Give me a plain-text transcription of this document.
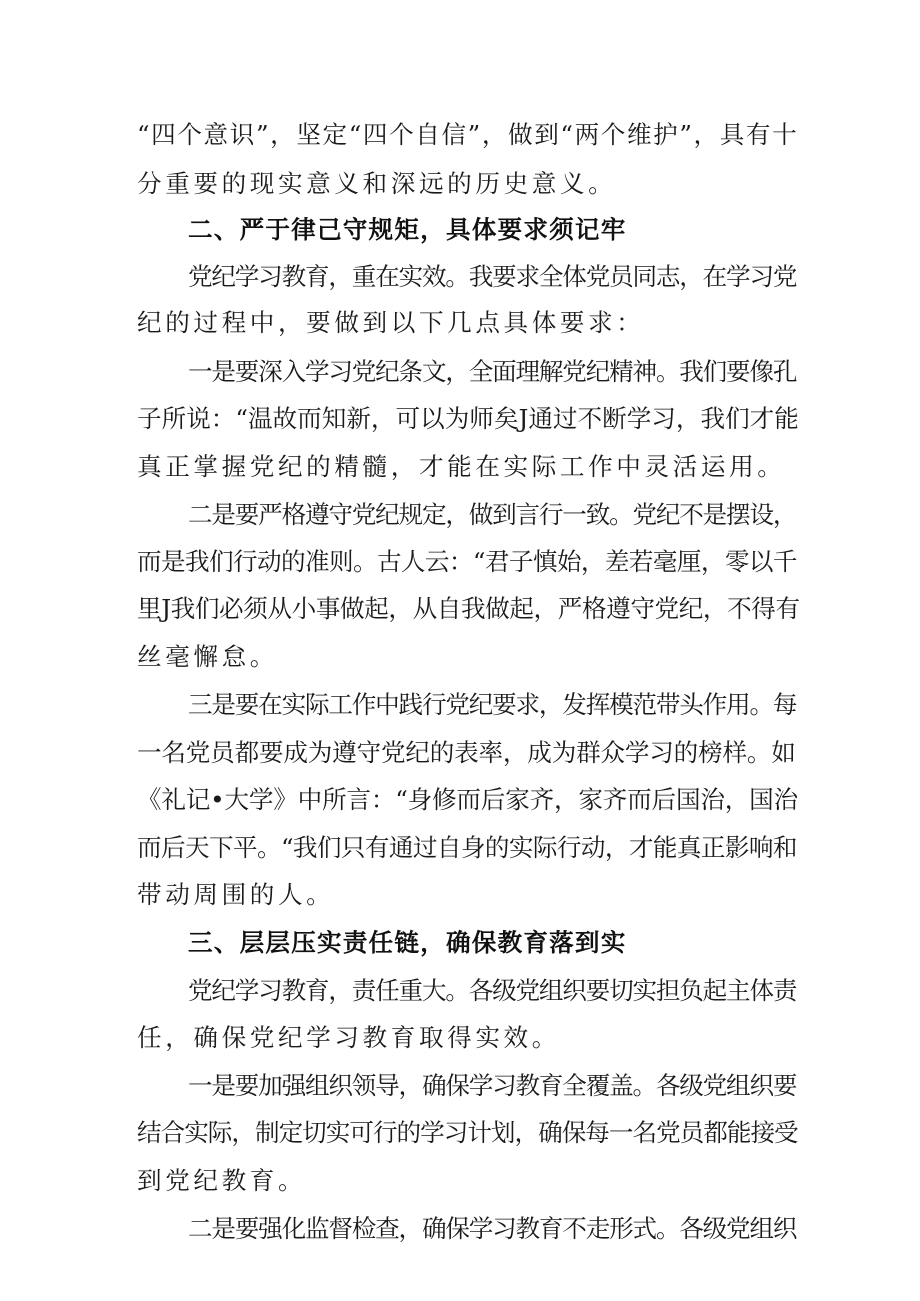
“四个意识”，坚定“四个自信”，做到“两个维护”，具有十

分重要的现实意义和深远的历史意义。

二、严于律己守规矩，具体要求须记牢

党纪学习教育，重在实效。我要求全体党员同志，在学习党

纪的过程中，要做到以下几点具体要求：

一是要深入学习党纪条文，全面理解党纪精神。我们要像孔

子所说：“温故而知新，可以为师矣J通过不断学习，我们才能

真正掌握党纪的精髓，才能在实际工作中灵活运用。

二是要严格遵守党纪规定，做到言行一致。党纪不是摆设，

而是我们行动的准则。古人云：“君子慎始，差若毫厘，零以千

里J我们必须从小事做起，从自我做起，严格遵守党纪，不得有

丝毫懈怠。

三是要在实际工作中践行党纪要求，发挥模范带头作用。每

一名党员都要成为遵守党纪的表率，成为群众学习的榜样。如

《礼记•大学》中所言：“身修而后家齐，家齐而后国治，国治

而后天下平。“我们只有通过自身的实际行动，才能真正影响和

带动周围的人。

三、层层压实责任链，确保教育落到实

党纪学习教育，责任重大。各级党组织要切实担负起主体责

任，确保党纪学习教育取得实效。

一是要加强组织领导，确保学习教育全覆盖。各级党组织要

结合实际，制定切实可行的学习计划，确保每一名党员都能接受

到党纪教育。

二是要强化监督检查，确保学习教育不走形式。各级党组织
